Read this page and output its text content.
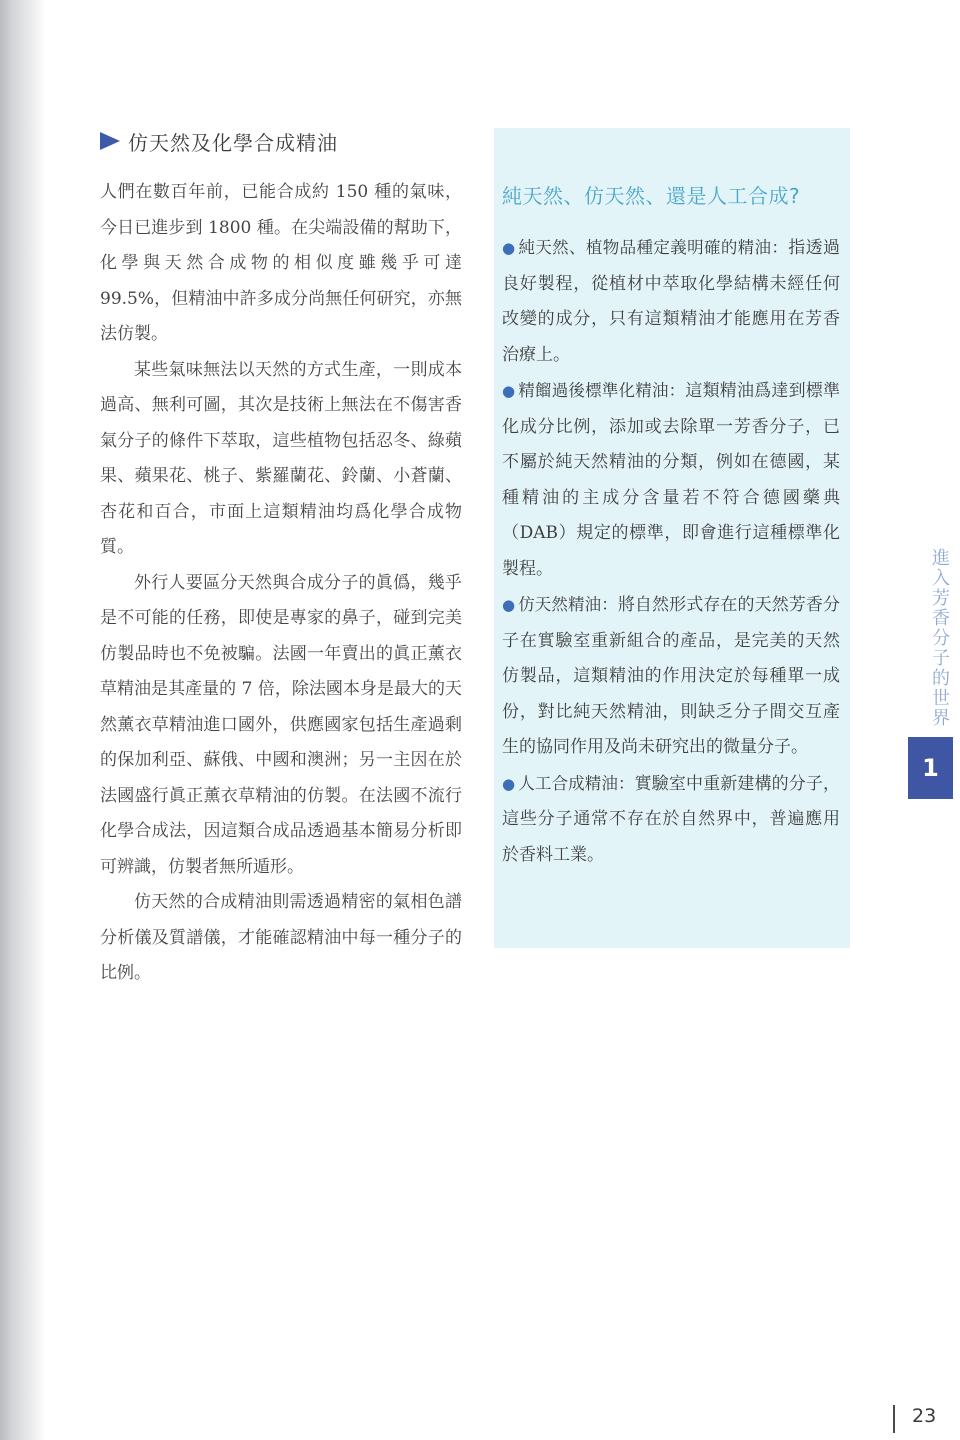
仿天然及化學合成精油

人們在數百年前，已能合成約 150 種的氣味，今日已進步到 1800 種。在尖端設備的幫助下，化學與天然合成物的相似度雖幾乎可達 99.5%，但精油中許多成分尚無任何研究，亦無法仿製。

某些氣味無法以天然的方式生產，一則成本過高、無利可圖，其次是技術上無法在不傷害香氣分子的條件下萃取，這些植物包括忍冬、綠蘋果、蘋果花、桃子、紫羅蘭花、鈴蘭、小蒼蘭、杏花和百合，市面上這類精油均爲化學合成物質。

外行人要區分天然與合成分子的眞僞，幾乎是不可能的任務，即使是專家的鼻子，碰到完美仿製品時也不免被騙。法國一年賣出的眞正薰衣草精油是其產量的 7 倍，除法國本身是最大的天然薰衣草精油進口國外，供應國家包括生產過剩的保加利亞、蘇俄、中國和澳洲；另一主因在於法國盛行眞正薰衣草精油的仿製。在法國不流行化學合成法，因這類合成品透過基本簡易分析即可辨識，仿製者無所遁形。

仿天然的合成精油則需透過精密的氣相色譜分析儀及質譜儀，才能確認精油中每一種分子的比例。

純天然、仿天然、還是人工合成?

● 純天然、植物品種定義明確的精油：指透過良好製程，從植材中萃取化學結構未經任何改變的成分，只有這類精油才能應用在芳香治療上。

● 精餾過後標準化精油：這類精油爲達到標準化成分比例，添加或去除單一芳香分子，已不屬於純天然精油的分類，例如在德國，某種精油的主成分含量若不符合德國藥典（DAB）規定的標準，即會進行這種標準化製程。

● 仿天然精油：將自然形式存在的天然芳香分子在實驗室重新組合的產品，是完美的天然仿製品，這類精油的作用決定於每種單一成份，對比純天然精油，則缺乏分子間交互產生的協同作用及尚未研究出的微量分子。

● 人工合成精油：實驗室中重新建構的分子，這些分子通常不存在於自然界中，普遍應用於香料工業。

進入芳香分子的世界
1
23
